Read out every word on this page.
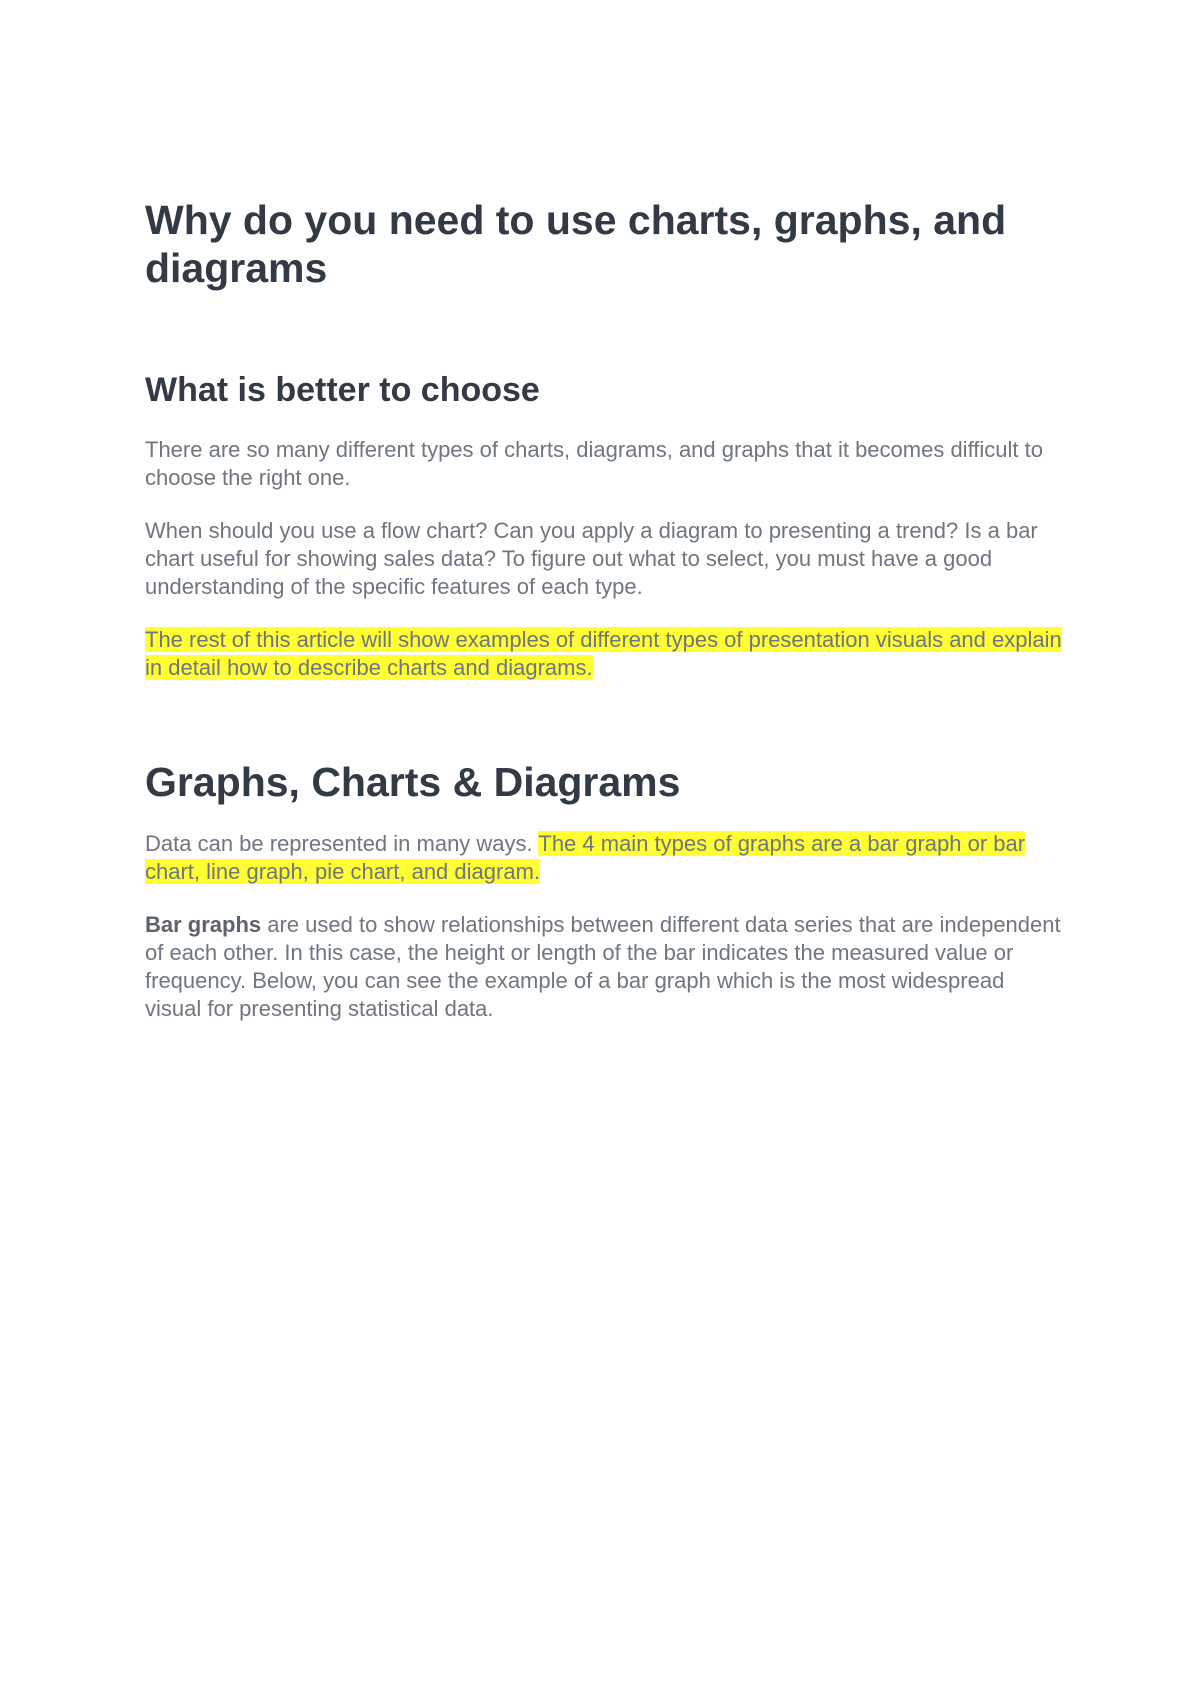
Why do you need to use charts, graphs, and diagrams
What is better to choose

There are so many different types of charts, diagrams, and graphs that it becomes difficult to choose the right one.

When should you use a flow chart? Can you apply a diagram to presenting a trend? Is a bar chart useful for showing sales data? To figure out what to select, you must have a good understanding of the specific features of each type.

The rest of this article will show examples of different types of presentation visuals and explain in detail how to describe charts and diagrams.

Graphs, Charts & Diagrams

Data can be represented in many ways. The 4 main types of graphs are a bar graph or bar chart, line graph, pie chart, and diagram.

Bar graphs are used to show relationships between different data series that are independent of each other. In this case, the height or length of the bar indicates the measured value or frequency. Below, you can see the example of a bar graph which is the most widespread visual for presenting statistical data.
